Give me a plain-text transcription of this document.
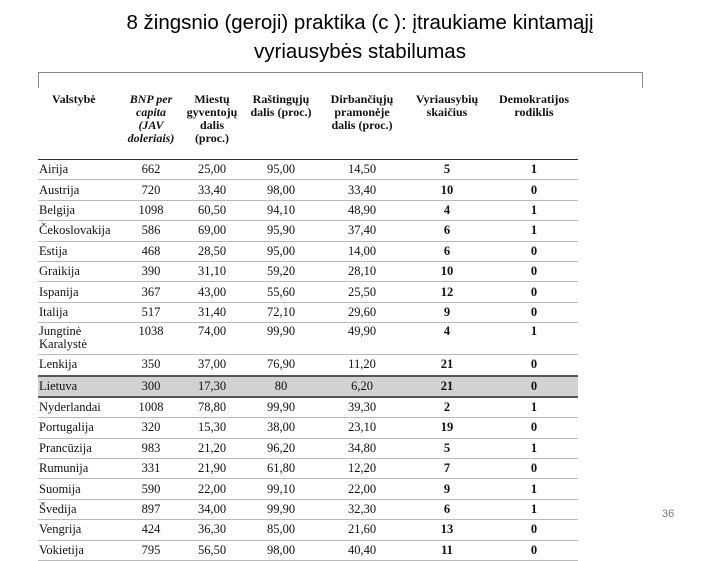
8 žingsnio (geroji) praktika (c ): įtraukiame kintamąjį
vyriausybės stabilumas
Valstybė	BNP per capita (JAV doleriais)	Miestų gyventojų dalis (proc.)	Raštingųjų dalis (proc.)	Dirbančiųjų pramonėje dalis (proc.)	Vyriausybių skaičius	Demokratijos rodiklis
Airija	662	25,00	95,00	14,50	5	1
Austrija	720	33,40	98,00	33,40	10	0
Belgija	1098	60,50	94,10	48,90	4	1
Čekoslovakija	586	69,00	95,90	37,40	6	1
Estija	468	28,50	95,00	14,00	6	0
Graikija	390	31,10	59,20	28,10	10	0
Ispanija	367	43,00	55,60	25,50	12	0
Italija	517	31,40	72,10	29,60	9	0
Jungtinė Karalystė	1038	74,00	99,90	49,90	4	1
Lenkija	350	37,00	76,90	11,20	21	0
Lietuva	300	17,30	80	6,20	21	0
Nyderlandai	1008	78,80	99,90	39,30	2	1
Portugalija	320	15,30	38,00	23,10	19	0
Prancūzija	983	21,20	96,20	34,80	5	1
Rumunija	331	21,90	61,80	12,20	7	0
Suomija	590	22,00	99,10	22,00	9	1
Švedija	897	34,00	99,90	32,30	6	1
Vengrija	424	36,30	85,00	21,60	13	0
Vokietija	795	56,50	98,00	40,40	11	0
36
